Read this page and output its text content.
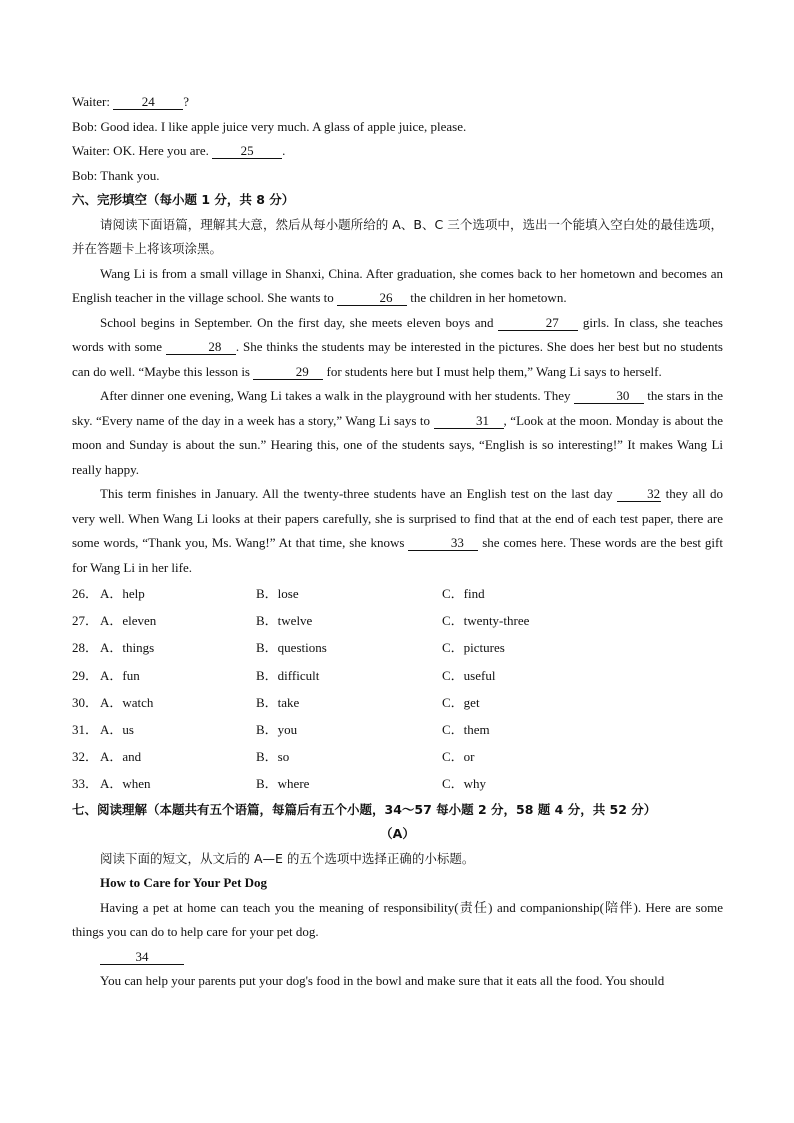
Waiter: 24 ?
Bob: Good idea. I like apple juice very much. A glass of apple juice, please.
Waiter: OK. Here you are. 25 .
Bob: Thank you.
六、完形填空（每小题 1 分，共 8 分）
请阅读下面语篇，理解其大意，然后从每小题所给的 A、B、C 三个选项中，选出一个能填入空白处的最佳选项，并在答题卡上将该项涂黑。
Wang Li is from a small village in Shanxi, China. After graduation, she comes back to her hometown and becomes an English teacher in the village school. She wants to	26 the children in her hometown.
School begins in September. On the first day, she meets eleven boys and	27 girls. In class, she teaches words with some	28 . She thinks the students may be interested in the pictures. She does her best but no students can do well. “Maybe this lesson is	29 for students here but I must help them,” Wang Li says to herself.
After dinner one evening, Wang Li takes a walk in the playground with her students. They	30 the stars in the sky. “Every name of the day in a week has a story,” Wang Li says to	31 , “Look at the moon. Monday is about the moon and Sunday is about the sun.” Hearing this, one of the students says, “English is so interesting!” It makes Wang Li really happy.
This term finishes in January. All the twenty-three students have an English test on the last day 32 they all do very well. When Wang Li looks at their papers carefully, she is surprised to find that at the end of each test paper, there are some words, “Thank you, Ms. Wang!” At that time, she knows	33 she comes here. These words are the best gift for Wang Li in her life.
26． A．help	B．lose	C．find
27． A．eleven	B．twelve	C．twenty-three
28． A．things	B．questions	C．pictures
29． A．fun	B．difficult	C．useful
30． A．watch	B．take	C．get
31． A．us	B．you	C．them
32． A．and	B．so	C．or
33． A．when	B．where	C．why
七、阅读理解（本题共有五个语篇，每篇后有五个小题，34～57 每小题 2 分，58 题 4 分，共 52 分）
（A）
阅读下面的短文，从文后的 A—E 的五个选项中选择正确的小标题。
How to Care for Your Pet Dog
Having a pet at home can teach you the meaning of responsibility(责任) and companionship(陪伴). Here are some things you can do to help care for your pet dog.
34
You can help your parents put your dog's food in the bowl and make sure that it eats all the food. You should
